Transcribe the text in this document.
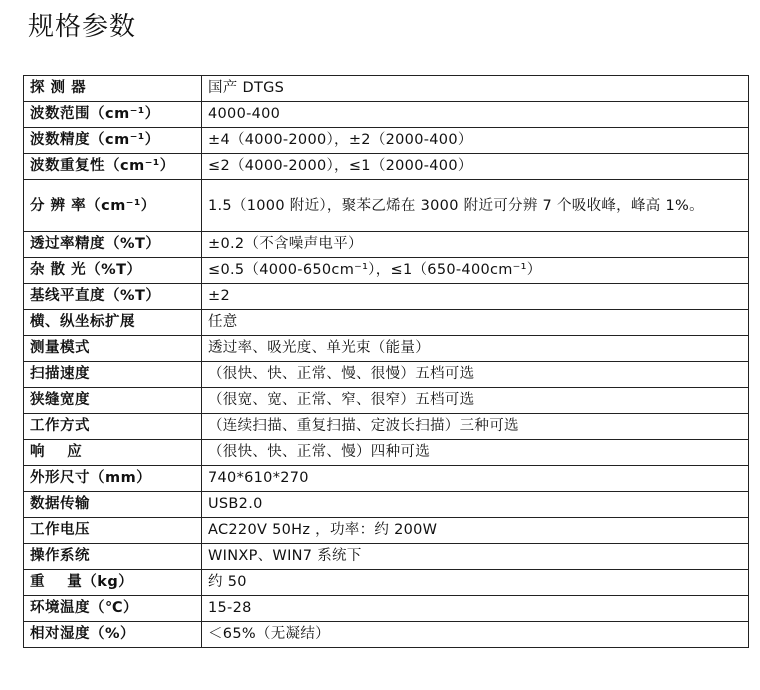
规格参数
探 测 器	国产 DTGS
波数范围（cm⁻¹）	4000-400
波数精度（cm⁻¹）	±4（4000-2000），±2（2000-400）
波数重复性（cm⁻¹）	≤2（4000-2000），≤1（2000-400）
分 辨 率（cm⁻¹）	1.5（1000 附近），聚苯乙烯在 3000 附近可分辨 7 个吸收峰，峰高 1%。
透过率精度（%T）	±0.2（不含噪声电平）
杂 散 光（%T）	≤0.5（4000-650cm⁻¹），≤1（650-400cm⁻¹）
基线平直度（%T）	±2
横、纵坐标扩展	任意
测量模式	透过率、吸光度、单光束（能量）
扫描速度	（很快、快、正常、慢、很慢）五档可选
狭缝宽度	（很宽、宽、正常、窄、很窄）五档可选
工作方式	（连续扫描、重复扫描、定波长扫描）三种可选
响    应	（很快、快、正常、慢）四种可选
外形尺寸（mm）	740*610*270
数据传输	USB2.0
工作电压	AC220V 50Hz ，功率：约 200W
操作系统	WINXP、WIN7 系统下
重    量（kg）	约 50
环境温度（℃）	15-28
相对湿度（%）	＜65%（无凝结）
